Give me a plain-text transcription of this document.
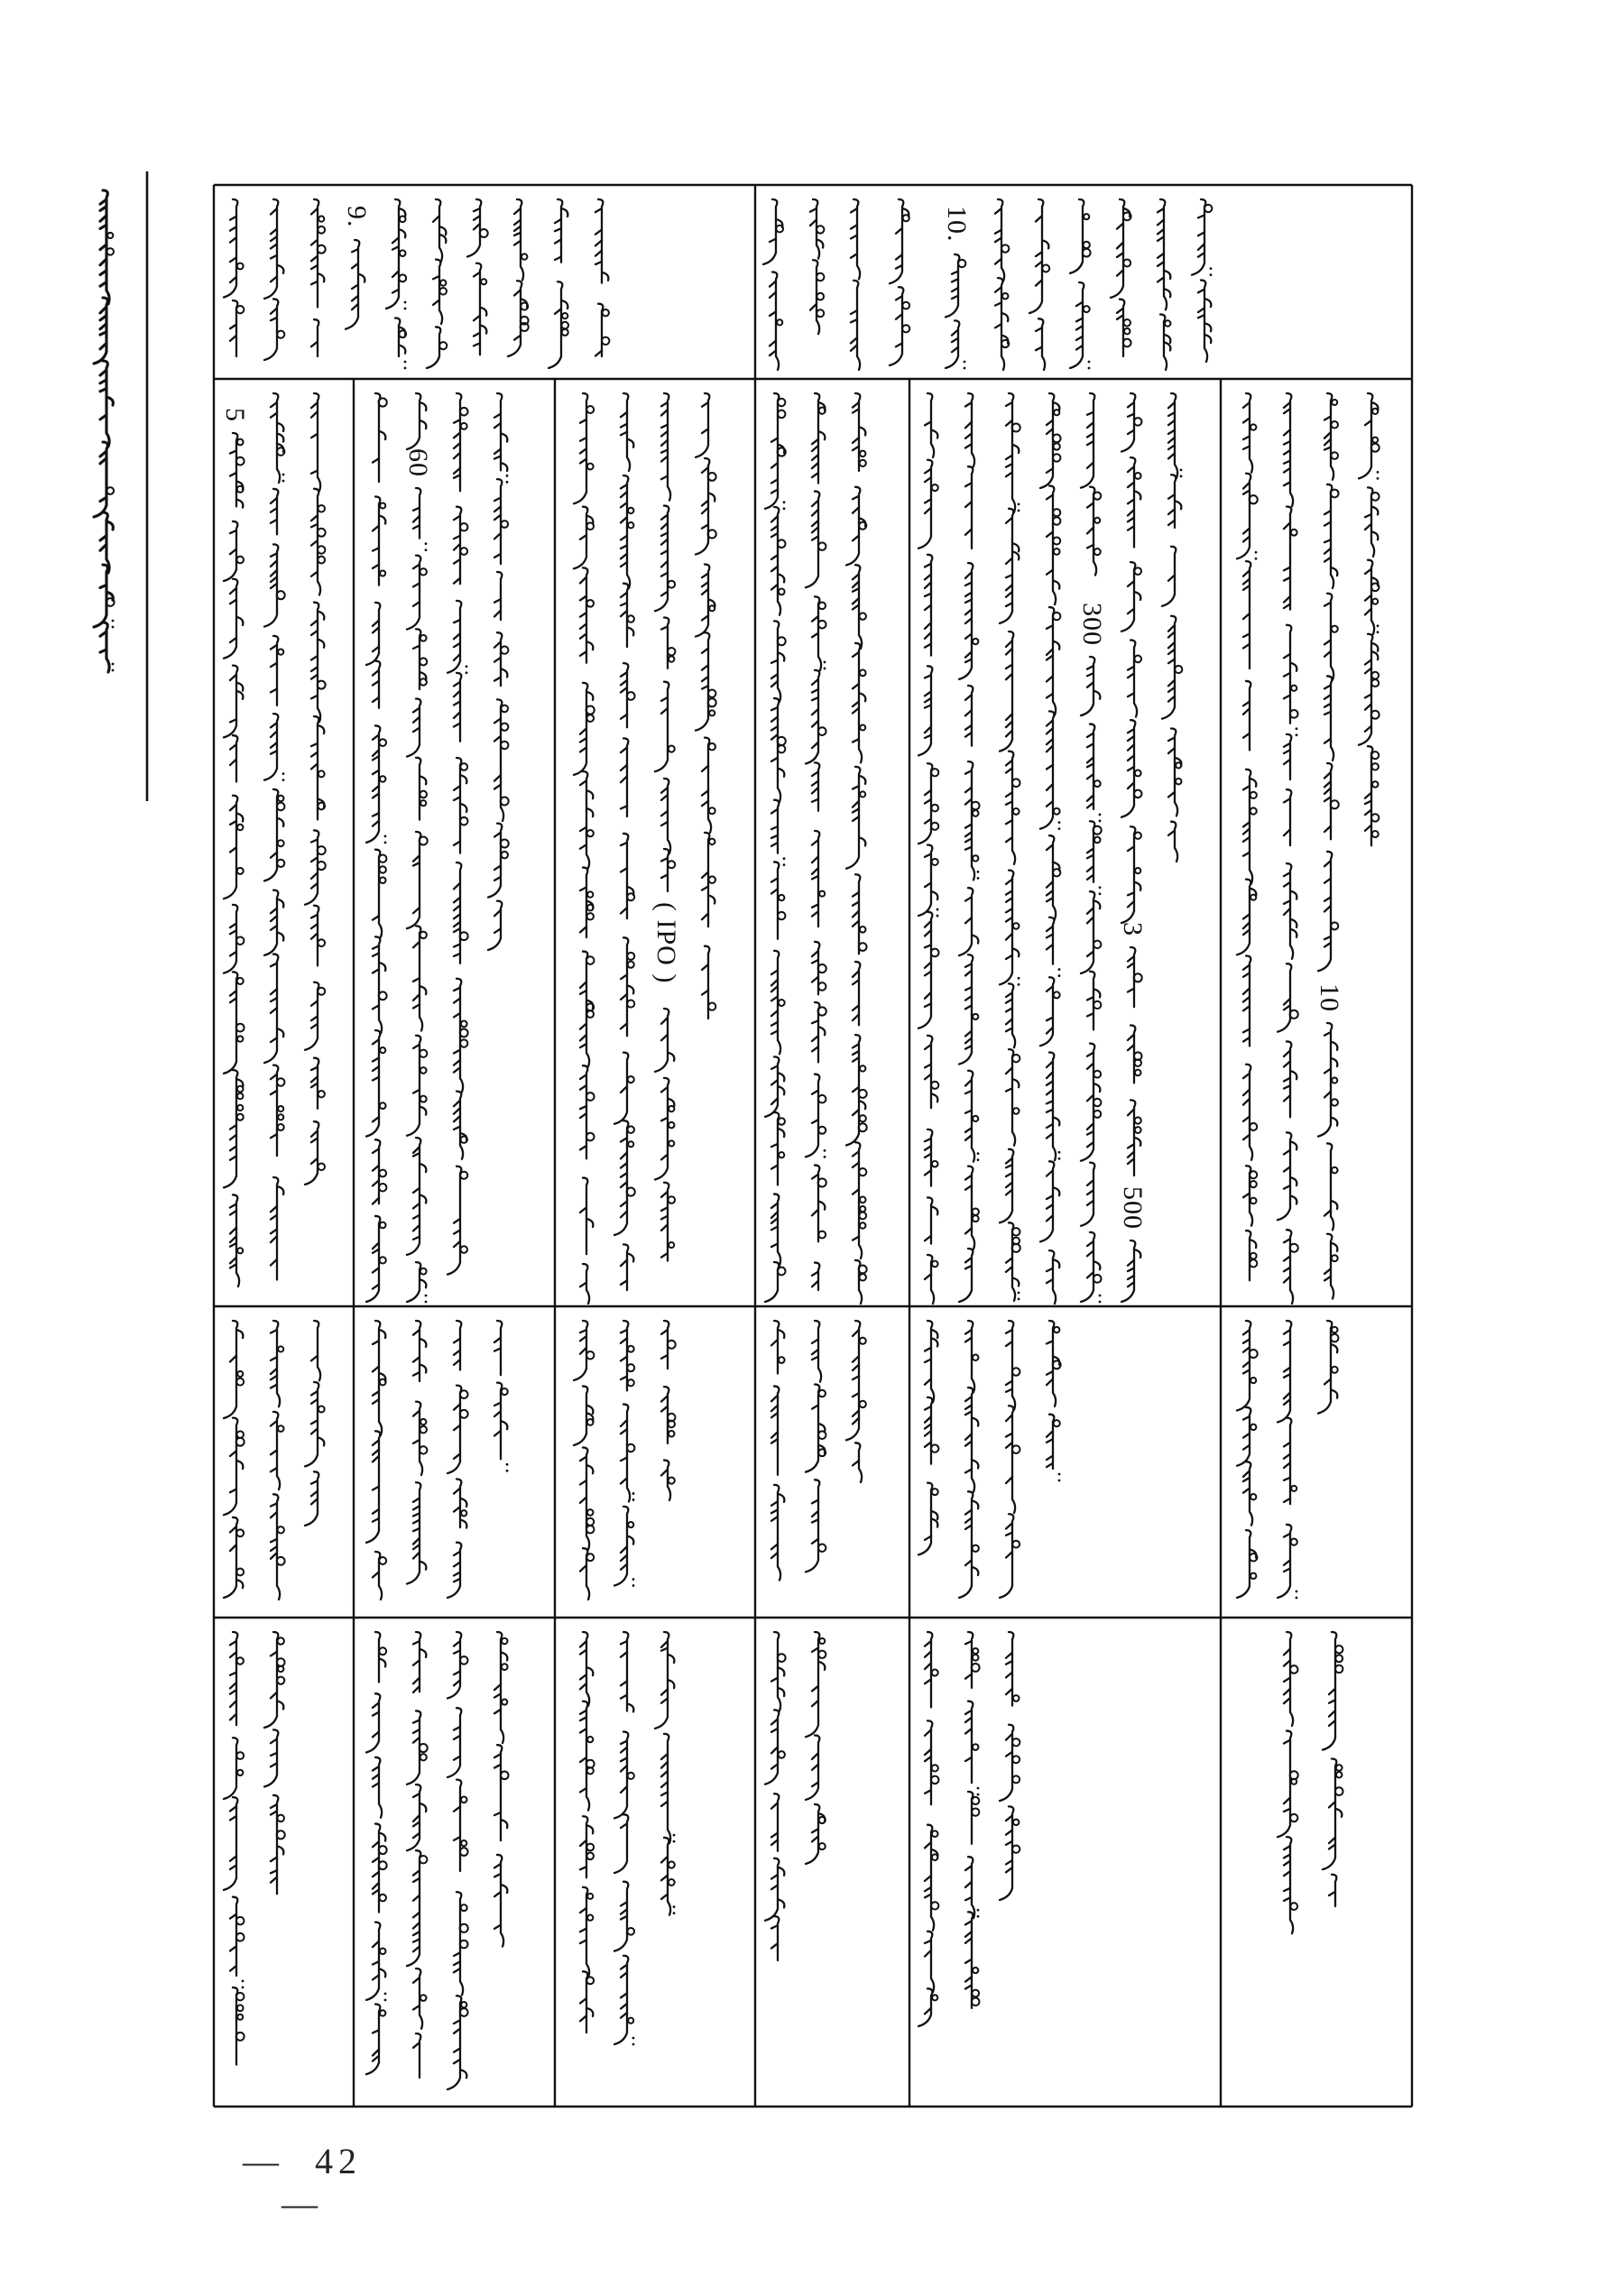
— 42 —
9.	10.
5
60
( IPO )
300
3
500
10
